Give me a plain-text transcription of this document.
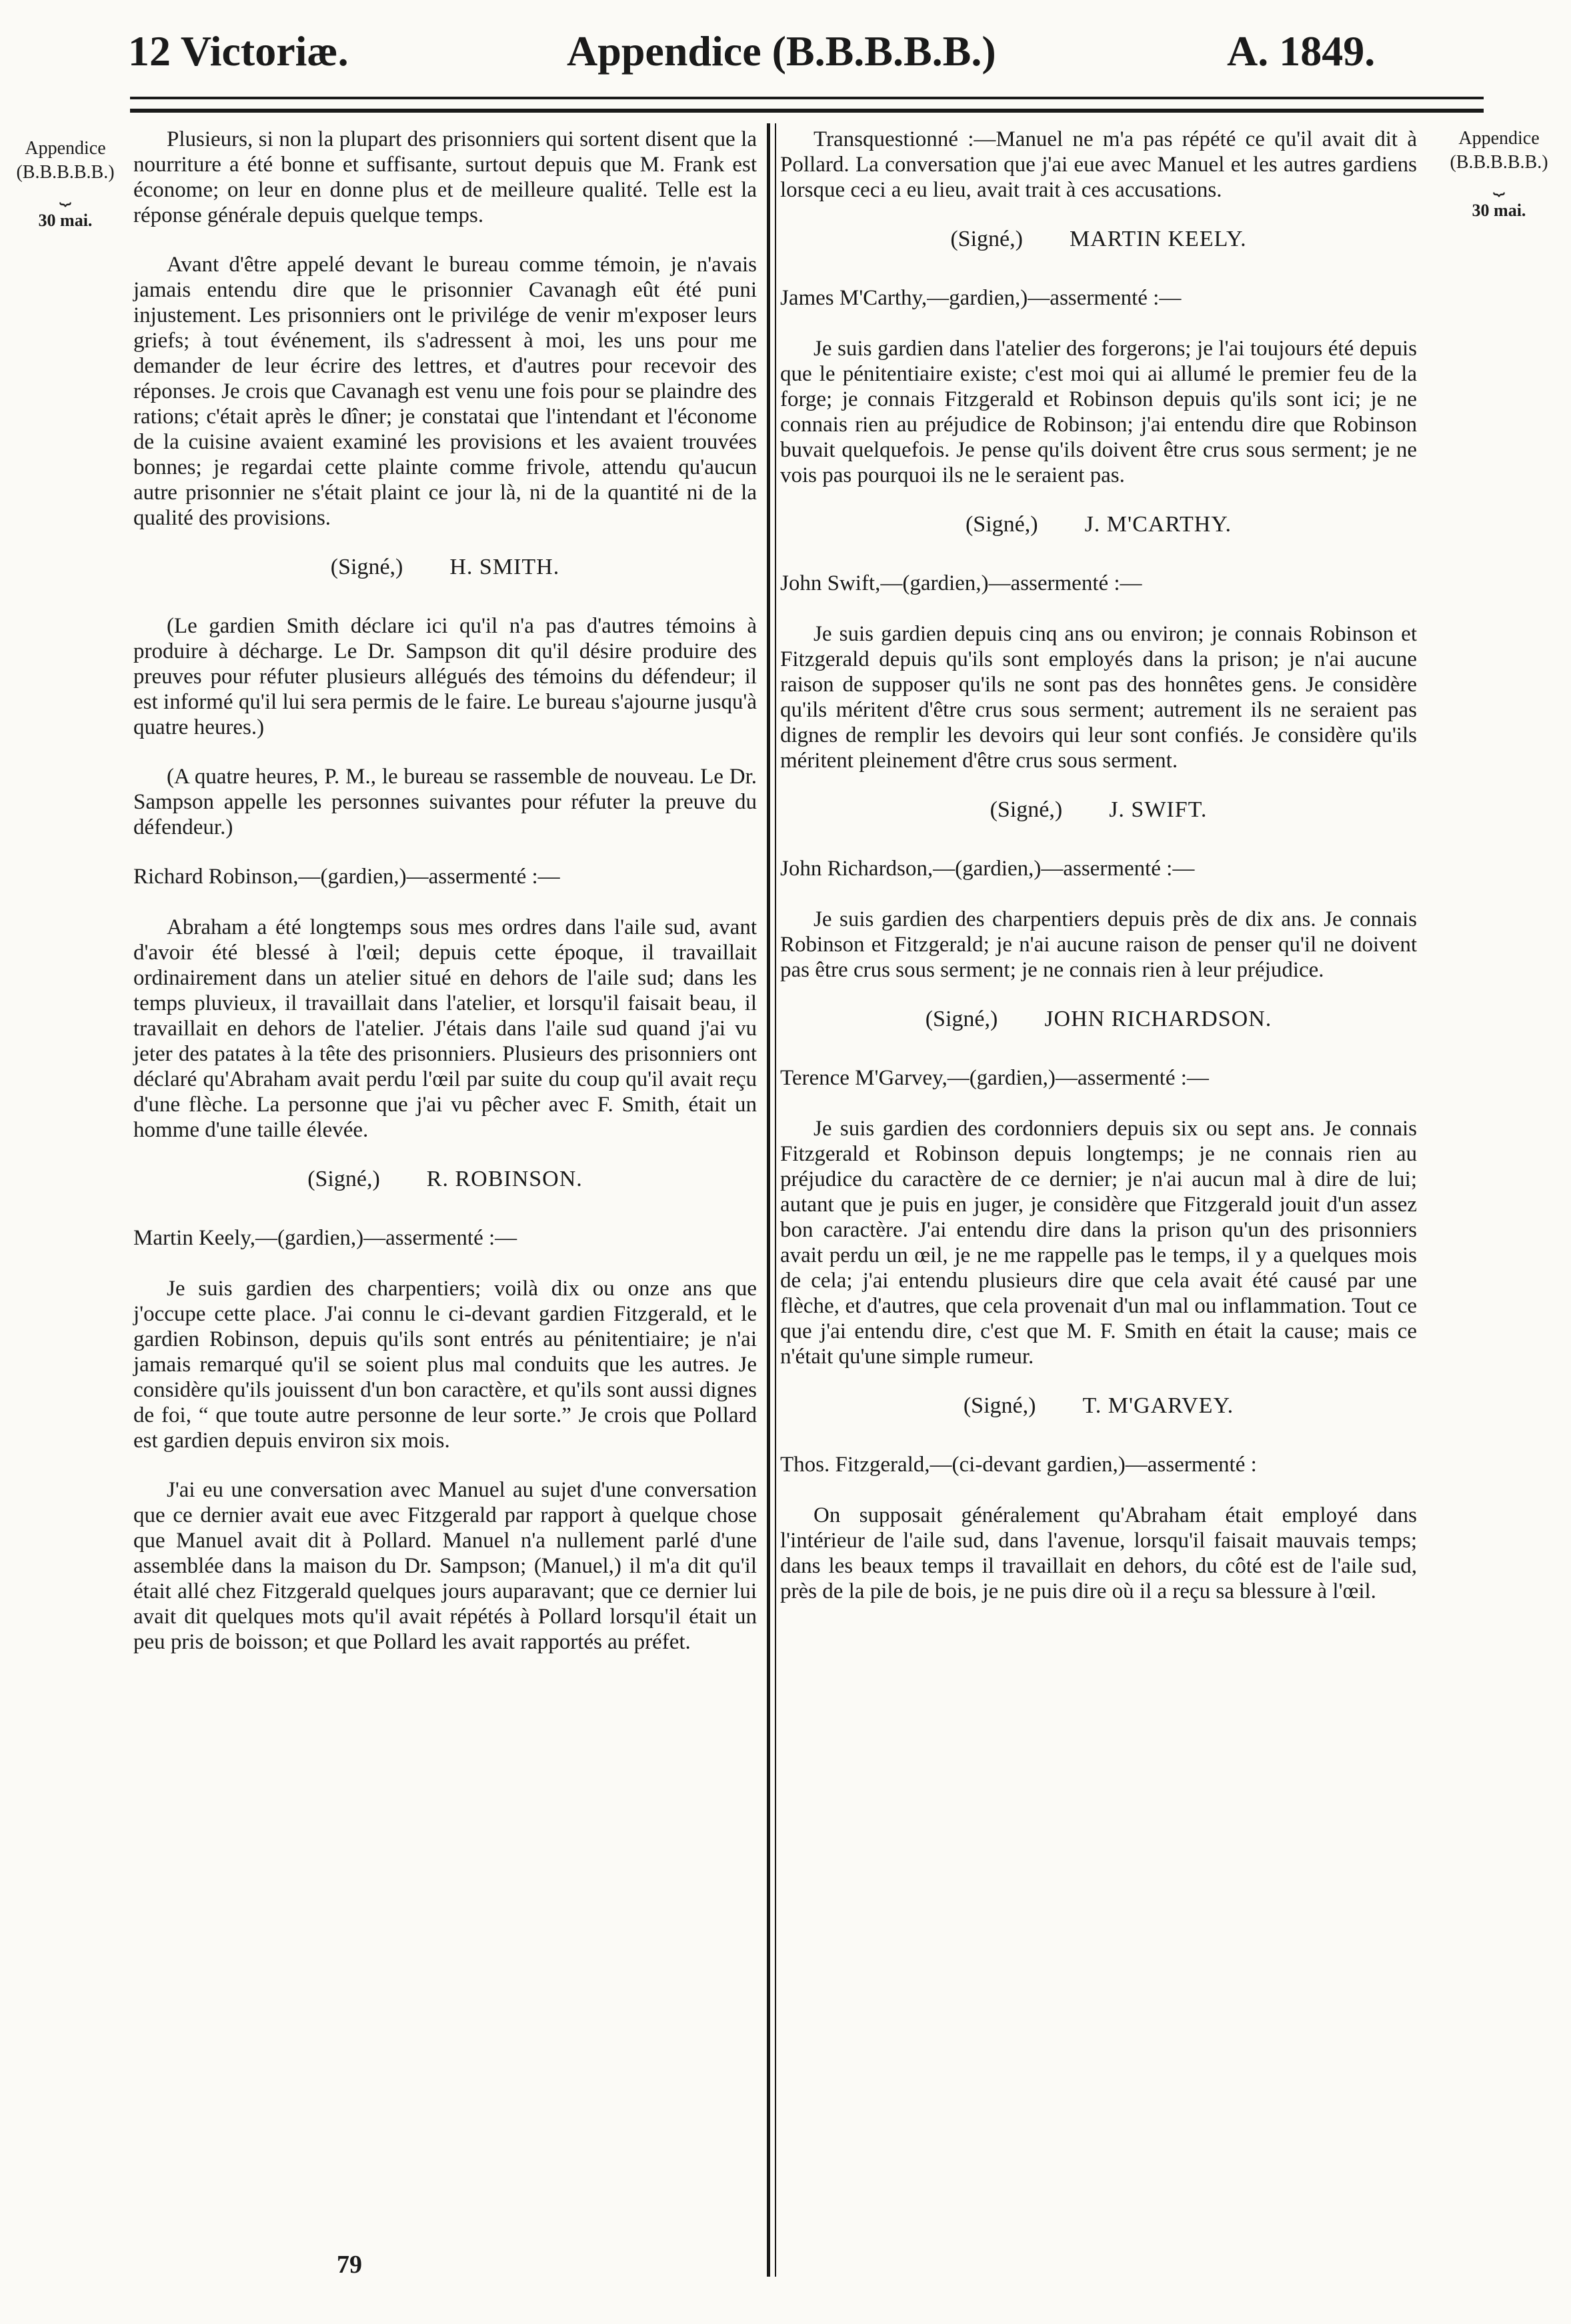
12 Victoriæ.	Appendice (B.B.B.B.B.)	A. 1849.
Appendice
(B.B.B.B.B.)
⏟
30 mai.
Appendice
(B.B.B.B.B.)
⏟
30 mai.

Plusieurs, si non la plupart des prisonniers qui sortent disent que la nourriture a été bonne et suffisante, surtout depuis que M. Frank est économe; on leur en donne plus et de meilleure qualité. Telle est la réponse générale depuis quelque temps.

Avant d'être appelé devant le bureau comme témoin, je n'avais jamais entendu dire que le prisonnier Cavanagh eût été puni injustement. Les prisonniers ont le privilége de venir m'exposer leurs griefs; à tout événement, ils s'adressent à moi, les uns pour me demander de leur écrire des lettres, et d'autres pour recevoir des réponses. Je crois que Cavanagh est venu une fois pour se plaindre des rations; c'était après le dîner; je constatai que l'intendant et l'économe de la cuisine avaient examiné les provisions et les avaient trouvées bonnes; je regardai cette plainte comme frivole, attendu qu'aucun autre prisonnier ne s'était plaint ce jour là, ni de la quantité ni de la qualité des provisions.

(Signé,) H. SMITH.

(Le gardien Smith déclare ici qu'il n'a pas d'autres témoins à produire à décharge. Le Dr. Sampson dit qu'il désire produire des preuves pour réfuter plusieurs allégués des témoins du défendeur; il est informé qu'il lui sera permis de le faire. Le bureau s'ajourne jusqu'à quatre heures.)

(A quatre heures, P. M., le bureau se rassemble de nouveau. Le Dr. Sampson appelle les personnes suivantes pour réfuter la preuve du défendeur.)

Richard Robinson,—(gardien,)—assermenté :—

Abraham a été longtemps sous mes ordres dans l'aile sud, avant d'avoir été blessé à l'œil; depuis cette époque, il travaillait ordinairement dans un atelier situé en dehors de l'aile sud; dans les temps pluvieux, il travaillait dans l'atelier, et lorsqu'il faisait beau, il travaillait en dehors de l'atelier. J'étais dans l'aile sud quand j'ai vu jeter des patates à la tête des prisonniers. Plusieurs des prisonniers ont déclaré qu'Abraham avait perdu l'œil par suite du coup qu'il avait reçu d'une flèche. La personne que j'ai vu pêcher avec F. Smith, était un homme d'une taille élevée.

(Signé,) R. ROBINSON.
Martin Keely,—(gardien,)—assermenté :—

Je suis gardien des charpentiers; voilà dix ou onze ans que j'occupe cette place. J'ai connu le ci-devant gardien Fitzgerald, et le gardien Robinson, depuis qu'ils sont entrés au pénitentiaire; je n'ai jamais remarqué qu'il se soient plus mal conduits que les autres. Je considère qu'ils jouissent d'un bon caractère, et qu'ils sont aussi dignes de foi, “ que toute autre personne de leur sorte.” Je crois que Pollard est gardien depuis environ six mois.

J'ai eu une conversation avec Manuel au sujet d'une conversation que ce dernier avait eue avec Fitzgerald par rapport à quelque chose que Manuel avait dit à Pollard. Manuel n'a nullement parlé d'une assemblée dans la maison du Dr. Sampson; (Manuel,) il m'a dit qu'il était allé chez Fitzgerald quelques jours auparavant; que ce dernier lui avait dit quelques mots qu'il avait répétés à Pollard lorsqu'il était un peu pris de boisson; et que Pollard les avait rapportés au préfet.

Transquestionné :—Manuel ne m'a pas répété ce qu'il avait dit à Pollard. La conversation que j'ai eue avec Manuel et les autres gardiens lorsque ceci a eu lieu, avait trait à ces accusations.

(Signé,) MARTIN KEELY.
James M'Carthy,—gardien,)—assermenté :—

Je suis gardien dans l'atelier des forgerons; je l'ai toujours été depuis que le pénitentiaire existe; c'est moi qui ai allumé le premier feu de la forge; je connais Fitzgerald et Robinson depuis qu'ils sont ici; je ne connais rien au préjudice de Robinson; j'ai entendu dire que Robinson buvait quelquefois. Je pense qu'ils doivent être crus sous serment; je ne vois pas pourquoi ils ne le seraient pas.

(Signé,) J. M'CARTHY.
John Swift,—(gardien,)—assermenté :—

Je suis gardien depuis cinq ans ou environ; je connais Robinson et Fitzgerald depuis qu'ils sont employés dans la prison; je n'ai aucune raison de supposer qu'ils ne sont pas des honnêtes gens. Je considère qu'ils méritent d'être crus sous serment; autrement ils ne seraient pas dignes de remplir les devoirs qui leur sont confiés. Je considère qu'ils méritent pleinement d'être crus sous serment.

(Signé,) J. SWIFT.
John Richardson,—(gardien,)—assermenté :—

Je suis gardien des charpentiers depuis près de dix ans. Je connais Robinson et Fitzgerald; je n'ai aucune raison de penser qu'il ne doivent pas être crus sous serment; je ne connais rien à leur préjudice.

(Signé,) JOHN RICHARDSON.
Terence M'Garvey,—(gardien,)—assermenté :—

Je suis gardien des cordonniers depuis six ou sept ans. Je connais Fitzgerald et Robinson depuis longtemps; je ne connais rien au préjudice du caractère de ce dernier; je n'ai aucun mal à dire de lui; autant que je puis en juger, je considère que Fitzgerald jouit d'un assez bon caractère. J'ai entendu dire dans la prison qu'un des prisonniers avait perdu un œil, je ne me rappelle pas le temps, il y a quelques mois de cela; j'ai entendu plusieurs dire que cela avait été causé par une flèche, et d'autres, que cela provenait d'un mal ou inflammation. Tout ce que j'ai entendu dire, c'est que M. F. Smith en était la cause; mais ce n'était qu'une simple rumeur.

(Signé,) T. M'GARVEY.
Thos. Fitzgerald,—(ci-devant gardien,)—assermenté :

On supposait généralement qu'Abraham était employé dans l'intérieur de l'aile sud, dans l'avenue, lorsqu'il faisait mauvais temps; dans les beaux temps il travaillait en dehors, du côté est de l'aile sud, près de la pile de bois, je ne puis dire où il a reçu sa blessure à l'œil.

79
